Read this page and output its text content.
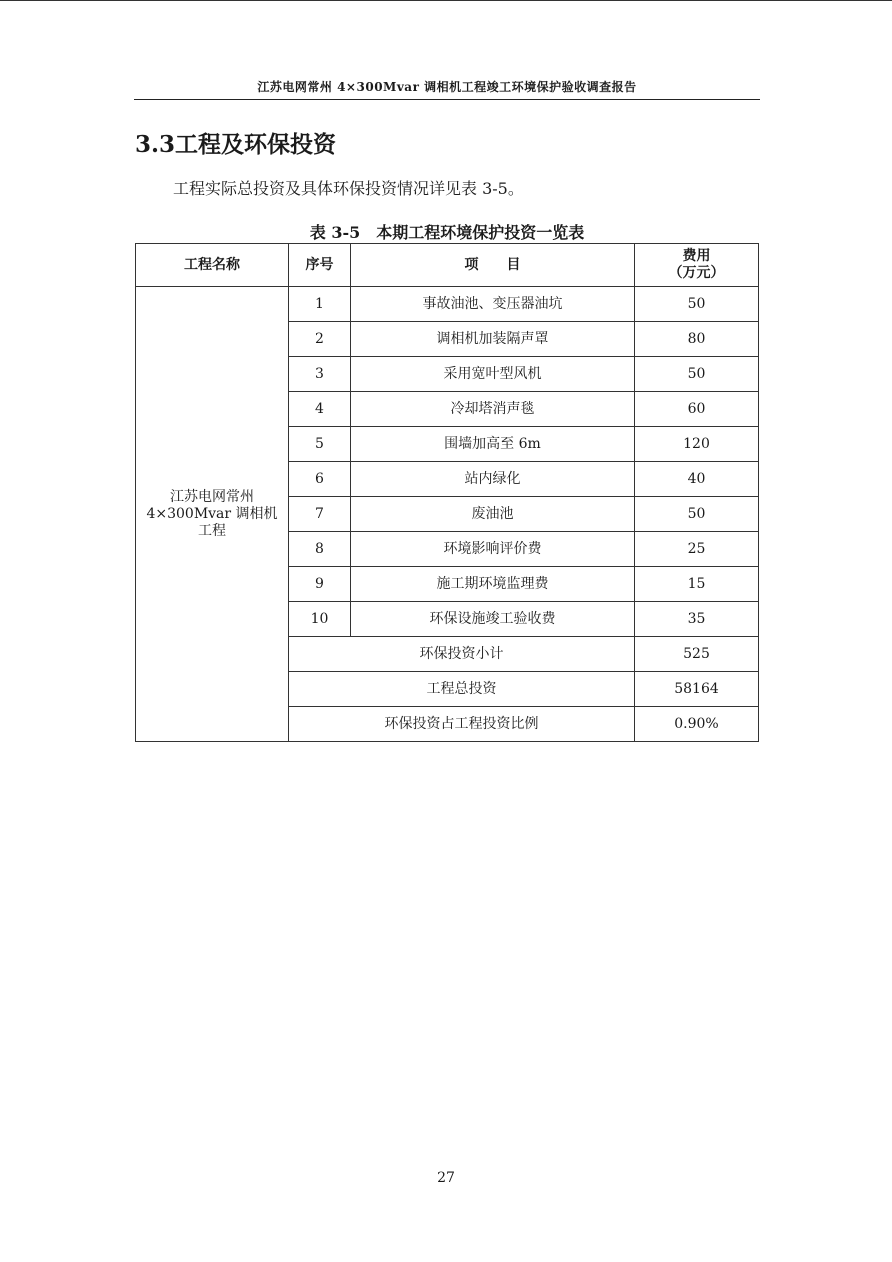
江苏电网常州 4×300Mvar 调相机工程竣工环境保护验收调查报告
3.3工程及环保投资

工程实际总投资及具体环保投资情况详见表 3-5。

表 3-5　本期工程环境保护投资一览表
工程名称	序号	项　　目	费用
（万元）

江苏电网常州
4×300Mvar 调相机
工程	1	事故油池、变压器油坑	50
	2	调相机加装隔声罩	80
	3	采用宽叶型风机	50
	4	冷却塔消声毯	60
	5	围墙加高至 6m	120
	6	站内绿化	40
	7	废油池	50
	8	环境影响评价费	25
	9	施工期环境监理费	15
	10	环保设施竣工验收费	35
	环保投资小计		525
	工程总投资		58164
	环保投资占工程投资比例		0.90%
27
